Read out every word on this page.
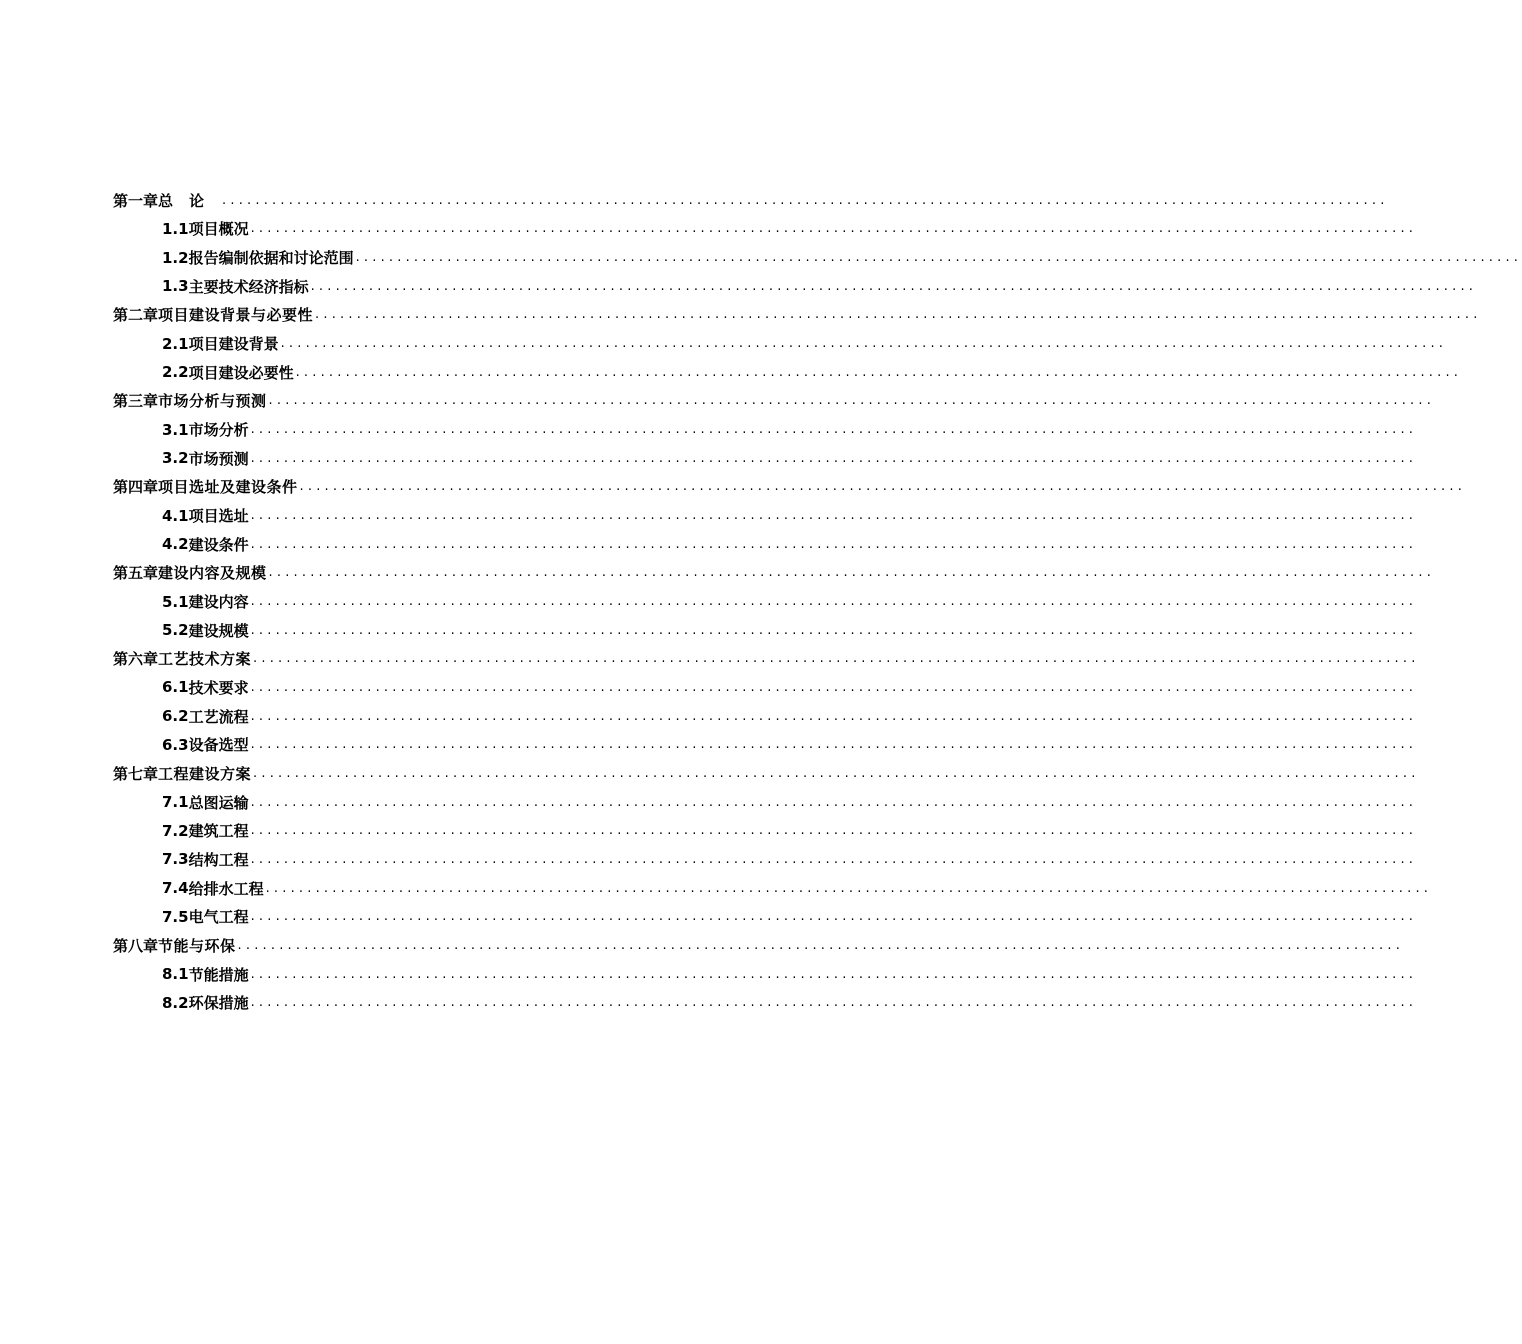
第一章 总论 ............................................................................................................................................
1.1 项目概况 ............................................................................................................................................
1.2 报告编制依据和讨论范围 ............................................................................................................................................
1.3 主要技术经济指标 ............................................................................................................................................
第二章 项目建设背景与必要性 ............................................................................................................................................
2.1 项目建设背景 ............................................................................................................................................
2.2 项目建设必要性 ............................................................................................................................................
第三章 市场分析与预测 ............................................................................................................................................
3.1 市场分析 ............................................................................................................................................
3.2 市场预测 ............................................................................................................................................
第四章 项目选址及建设条件 ............................................................................................................................................
4.1 项目选址 ............................................................................................................................................
4.2 建设条件 ............................................................................................................................................
第五章 建设内容及规模 ............................................................................................................................................
5.1 建设内容 ............................................................................................................................................
5.2 建设规模 ............................................................................................................................................
第六章 工艺技术方案 ............................................................................................................................................
6.1 技术要求 ............................................................................................................................................
6.2 工艺流程 ............................................................................................................................................
6.3 设备选型 ............................................................................................................................................
第七章 工程建设方案 ............................................................................................................................................
7.1 总图运输 ............................................................................................................................................
7.2 建筑工程 ............................................................................................................................................
7.3 结构工程 ............................................................................................................................................
7.4 给排水工程 ............................................................................................................................................
7.5 电气工程 ............................................................................................................................................
第八章 节能与环保 ............................................................................................................................................
8.1 节能措施 ............................................................................................................................................
8.2 环保措施 ............................................................................................................................................
